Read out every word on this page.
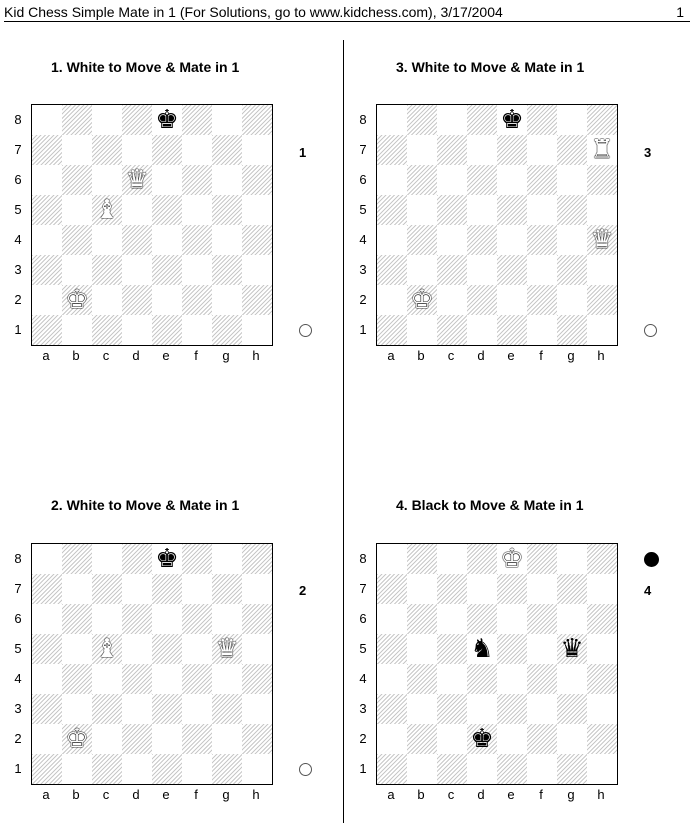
Kid Chess Simple Mate in 1 (For Solutions, go to www.kidchess.com), 3/17/2004	1
1. White to Move & Mate in 1
♚
♛
♝
♚
8
7
6
5
4
3
2
1
a	b	c	d	e	f	g	h
1
3. White to Move & Mate in 1
♚
♜
♛
♚
8
7
6
5
4
3
2
1
a	b	c	d	e	f	g	h
3
2. White to Move & Mate in 1
♚
♝	♛
♚
8
7
6
5
4
3
2
1
a	b	c	d	e	f	g	h
2
4. Black to Move & Mate in 1
♚
♞	♛
♚
8
7
6
5
4
3
2
1
a	b	c	d	e	f	g	h
4
